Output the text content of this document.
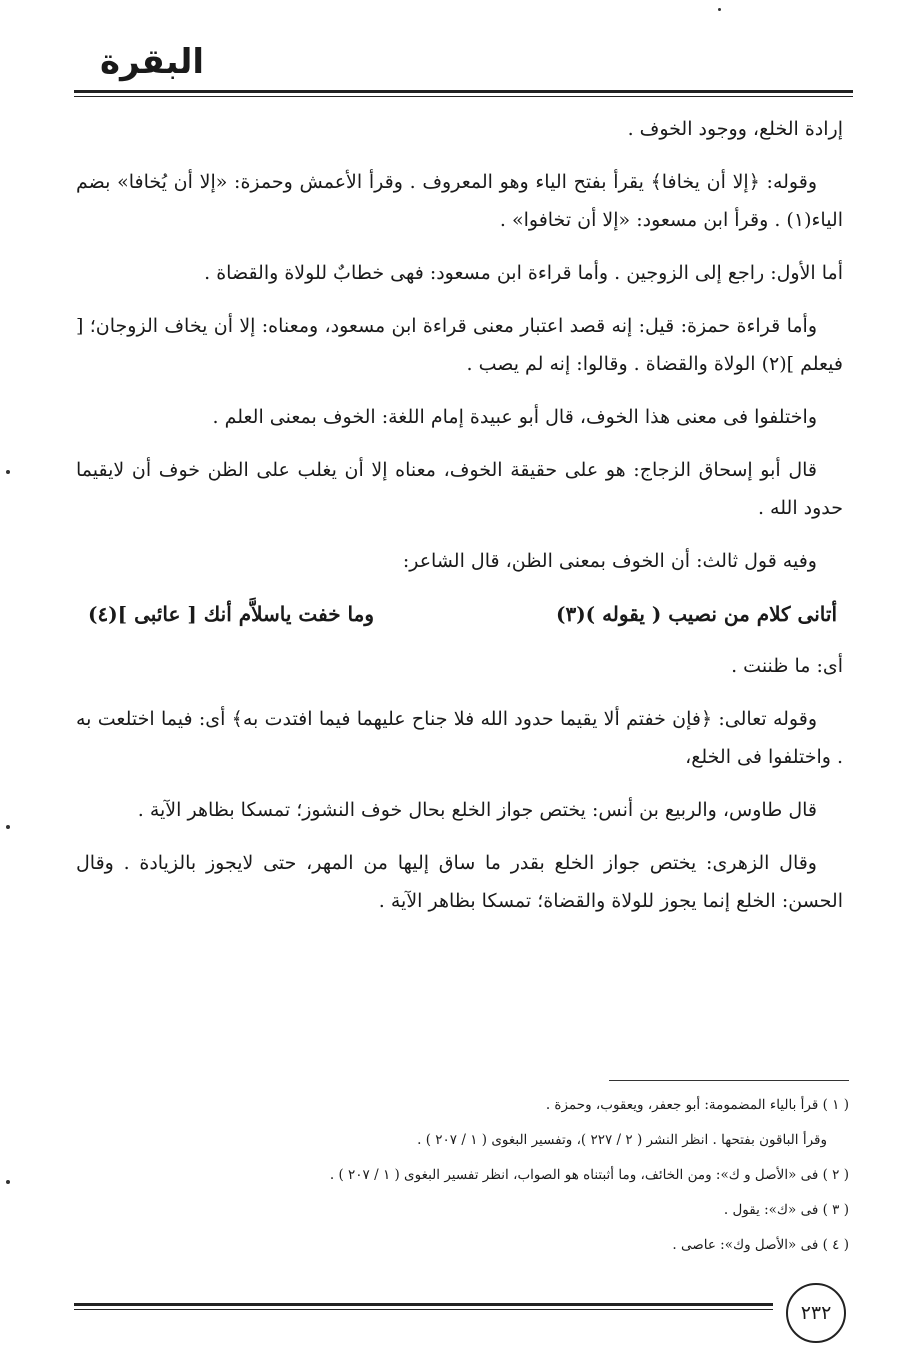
البقرة

إرادة الخلع، ووجود الخوف .

وقوله: ﴿إلا أن يخافا﴾ يقرأ بفتح الياء وهو المعروف . وقرأ الأعمش وحمزة: «إلا أن يُخافا» بضم الياء(١) . وقرأ ابن مسعود: «إلا أن تخافوا» .

أما الأول: راجع إلى الزوجين . وأما قراءة ابن مسعود: فهى خطابٌ للولاة والقضاة .

وأما قراءة حمزة: قيل: إنه قصد اعتبار معنى قراءة ابن مسعود، ومعناه: إلا أن يخاف الزوجان؛ [ فيعلم ](٢) الولاة والقضاة . وقالوا: إنه لم يصب .

واختلفوا فى معنى هذا الخوف، قال أبو عبيدة إمام اللغة: الخوف بمعنى العلم .

قال أبو إسحاق الزجاج: هو على حقيقة الخوف، معناه إلا أن يغلب على الظن خوف أن لايقيما حدود الله .

وفيه قول ثالث: أن الخوف بمعنى الظن، قال الشاعر:

أتانى كلام من نصيب ( يقوله )(٣)
وما خفت ياسلاَّم أنك [ عائبى ](٤)

أى: ما ظننت .

وقوله تعالى: ﴿فإن خفتم ألا يقيما حدود الله فلا جناح عليهما فيما افتدت به﴾ أى: فيما اختلعت به . واختلفوا فى الخلع،

قال طاوس، والربيع بن أنس: يختص جواز الخلع بحال خوف النشوز؛ تمسكا بظاهر الآية .

وقال الزهرى: يختص جواز الخلع بقدر ما ساق إليها من المهر، حتى لايجوز بالزيادة . وقال الحسن: الخلع إنما يجوز للولاة والقضاة؛ تمسكا بظاهر الآية .

( ١ ) قرأ بالياء المضمومة: أبو جعفر، ويعقوب، وحمزة .
وقرأ الباقون بفتحها . انظر النشر ( ٢ / ٢٢٧ )، وتفسير البغوى ( ١ / ٢٠٧ ) .
( ٢ ) فى «الأصل و ك»: ومن الخائف، وما أثبتناه هو الصواب، انظر تفسير البغوى ( ١ / ٢٠٧ ) .
( ٣ ) فى «ك»: يقول .
( ٤ ) فى «الأصل وك»: عاصى .
٢٣٢
